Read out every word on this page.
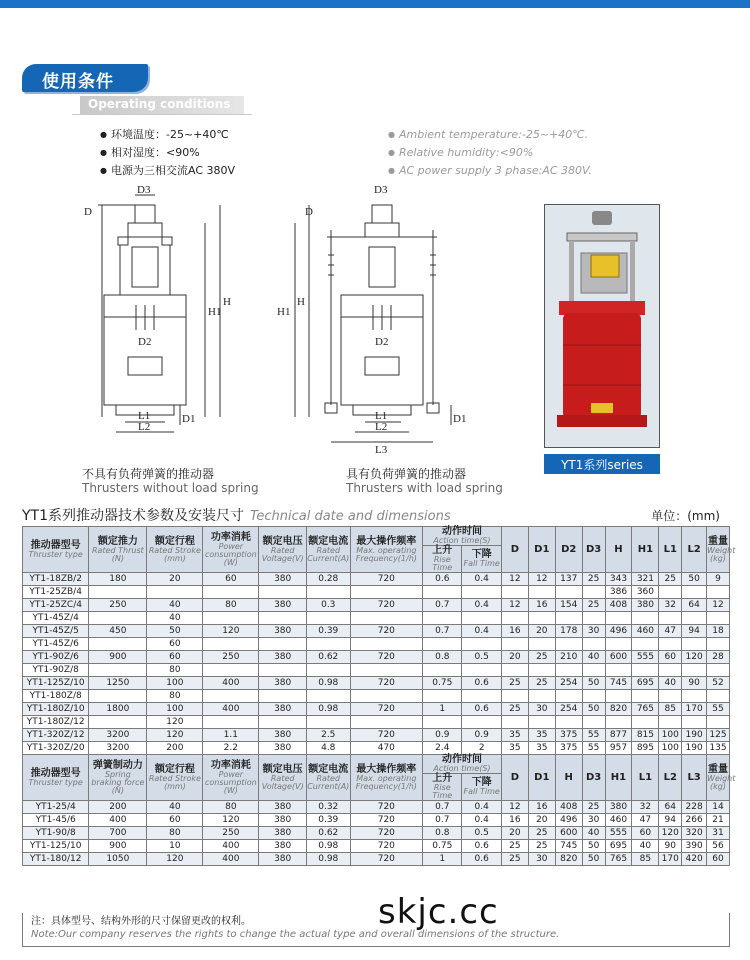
使用条件
Operating conditions
● 环境温度：-25~+40℃
● 相对湿度：<90%
● 电源为三相交流AC 380V
● Ambient temperature:-25~+40℃.
● Relative humidity:<90%
● AC power supply 3 phase:AC 380V.
D3
D
D2
H1
H
L1
L2
D1
不具有负荷弹簧的推动器
Thrusters without load spring
D3
D
D2
H1
H
L1
L2
L3
D1
具有负荷弹簧的推动器
Thrusters with load spring
YT1系列series
YT1系列推动器技术参数及安装尺寸 Technical date and dimensions	单位：(mm)
推动器型号
Thruster type	额定推力
Rated Thrust (N)	额定行程
Rated Stroke (mm)	功率消耗
Power consumption (W)	额定电压
Rated Voltage(V)	额定电流
Rated Current(A)	最大操作频率
Max. operating Frequency(1/h)	动作时间
Action time(S)		D	D1	D2	D3	H	H1	L1	L2	重量
Weight (kg)

							上升
Rise Time	下降
Fall Time									

YT1-18ZB/2	180	20	60	380	0.28	720	0.6	0.4	12	12	137	25	343	321	25	50	9
YT1-25ZB/4													386	360			
YT1-25ZC/4	250	40	80	380	0.3	720	0.7	0.4	12	16	154	25	408	380	32	64	12
YT1-45Z/4		40															
YT1-45Z/5	450	50	120	380	0.39	720	0.7	0.4	16	20	178	30	496	460	47	94	18
YT1-45Z/6		60															
YT1-90Z/6	900	60	250	380	0.62	720	0.8	0.5	20	25	210	40	600	555	60	120	28
YT1-90Z/8		80															
YT1-125Z/10	1250	100	400	380	0.98	720	0.75	0.6	25	25	254	50	745	695	40	90	52
YT1-180Z/8		80															
YT1-180Z/10	1800	100	400	380	0.98	720	1	0.6	25	30	254	50	820	765	85	170	55
YT1-180Z/12		120															
YT1-320Z/12	3200	120	1.1	380	2.5	720	0.9	0.9	35	35	375	55	877	815	100	190	125
YT1-320Z/20	3200	200	2.2	380	4.8	470	2.4	2	35	35	375	55	957	895	100	190	135

推动器型号
Thruster type	弹簧制动力
Spring braking force (N)	额定行程
Rated Stroke (mm)	功率消耗
Power consumption (W)	额定电压
Rated Voltage(V)	额定电流
Rated Current(A)	最大操作频率
Max. operating Frequency(1/h)	动作时间
Action time(S)		D	D1	H	D3	H1	L1	L2	L3	重量
Weight (kg)

							上升
Rise Time	下降
Fall Time									

YT1-25/4	200	40	80	380	0.32	720	0.7	0.4	12	16	408	25	380	32	64	228	14
YT1-45/6	400	60	120	380	0.39	720	0.7	0.4	16	20	496	30	460	47	94	266	21
YT1-90/8	700	80	250	380	0.62	720	0.8	0.5	20	25	600	40	555	60	120	320	31
YT1-125/10	900	10	400	380	0.98	720	0.75	0.6	25	25	745	50	695	40	90	390	56
YT1-180/12	1050	120	400	380	0.98	720	1	0.6	25	30	820	50	765	85	170	420	60
注：具体型号、结构外形的尺寸保留更改的权利。
Note:Our company reserves the rights to change the actual type and overall dimensions of the structure.
skjc.cc
